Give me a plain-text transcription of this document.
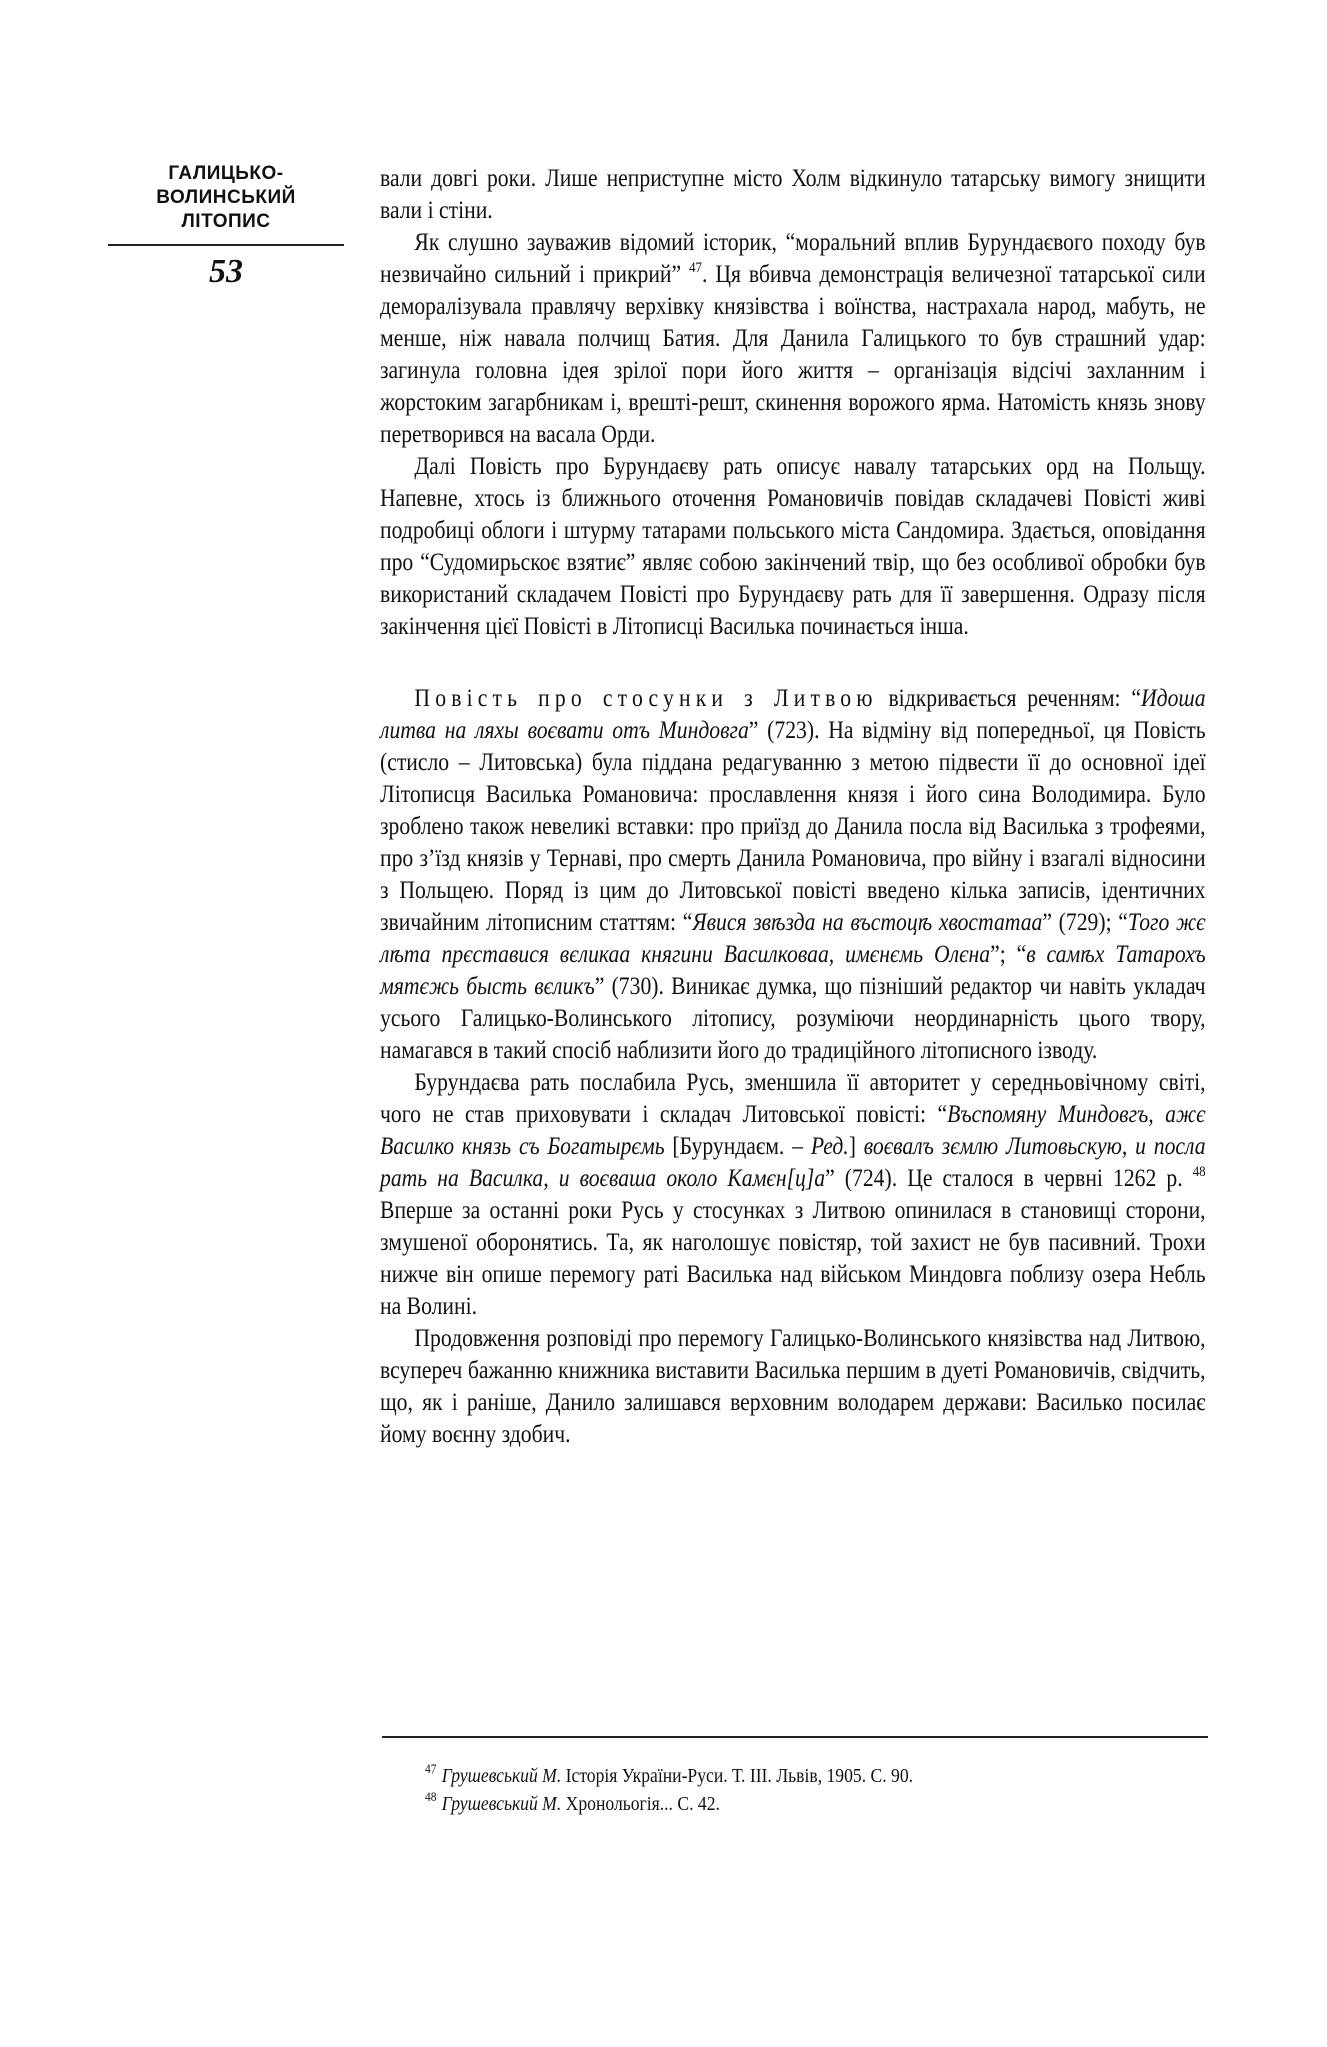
ГАЛИЦЬКО-
ВОЛИНСЬКИЙ
ЛІТОПИС
53

вали довгі роки. Лише неприступне місто Холм відкинуло татарську вимогу знищити вали і стіни.

Як слушно зауважив відомий історик, “моральний вплив Бурундаєвого походу був незвичайно сильний і прикрий” $^{47}$. Ця вбивча демонстрація величезної татарської сили деморалізувала правлячу верхівку князівства і воїнства, настрахала народ, мабуть, не менше, ніж навала полчищ Батия. Для Данила Галицького то був страшний удар: загинула головна ідея зрілої пори його життя – організація відсічі захланним і жорстоким загарбникам і, врешті-решт, скинення ворожого ярма. Натомість князь знову перетворився на васала Орди.

Далі Повість про Бурундаєву рать описує навалу татарських орд на Польщу. Напевне, хтось із ближнього оточення Романовичів повідав складачеві Повісті живі подробиці облоги і штурму татарами польського міста Сандомира. Здається, оповідання про “Судомирьскоє взятиє” являє собою закінчений твір, що без особливої обробки був використаний складачем Повісті про Бурундаєву рать для її завершення. Одразу після закінчення цієї Повісті в Літописці Василька починається інша.

Повість про стосунки з Литвою відкривається реченням: “Идоша литва на ляхы воєвати отъ Миндовга” (723). На відміну від попередньої, ця Повість (стисло – Литовська) була піддана редагуванню з метою підвести її до основної ідеї Літописця Василька Романовича: прославлення князя і його сина Володимира. Було зроблено також невеликі вставки: про приїзд до Данила посла від Василька з трофеями, про з’їзд князів у Тернаві, про смерть Данила Романовича, про війну і взагалі відносини з Польщею. Поряд із цим до Литовської повісті введено кілька записів, ідентичних звичайним літописним статтям: “Явися звѣзда на въстоцѣ хвостатаа” (729); “Того жє лѣта прєставися вєликаа княгини Василковаа, имєнємь Олєна”; “в самѣх Татарохъ мятєжь бысть вєликъ” (730). Виникає думка, що пізніший редактор чи навіть укладач усього Галицько-Волинського літопису, розуміючи неординарність цього твору, намагався в такий спосіб наблизити його до традиційного літописного ізводу.

Бурундаєва рать послабила Русь, зменшила її авторитет у середньовічному світі, чого не став приховувати і складач Литовської повісті: “Въспомяну Миндовгъ, ажє Василко князь съ Богатырємь [Бурундаєм. – Ред.] воєвалъ зємлю Литовьскую, и посла рать на Василка, и воєваша около Камєн[ц]а” (724). Це сталося в червні 1262 р. $^{48}$ Вперше за останні роки Русь у стосунках з Литвою опинилася в становищі сторони, змушеної оборонятись. Та, як наголошує повістяр, той захист не був пасивний. Трохи нижче він опише перемогу раті Василька над військом Миндовга поблизу озера Небль на Волині.

Продовження розповіді про перемогу Галицько-Волинського князівства над Литвою, всупереч бажанню книжника виставити Василька першим в дуеті Романовичів, свідчить, що, як і раніше, Данило залишався верховним володарем держави: Василько посилає йому воєнну здобич.

$^{47}$ Грушевський М. Історія України-Руси. Т. III. Львів, 1905. С. 90.
$^{48}$ Грушевський М. Хронольогія... С. 42.
